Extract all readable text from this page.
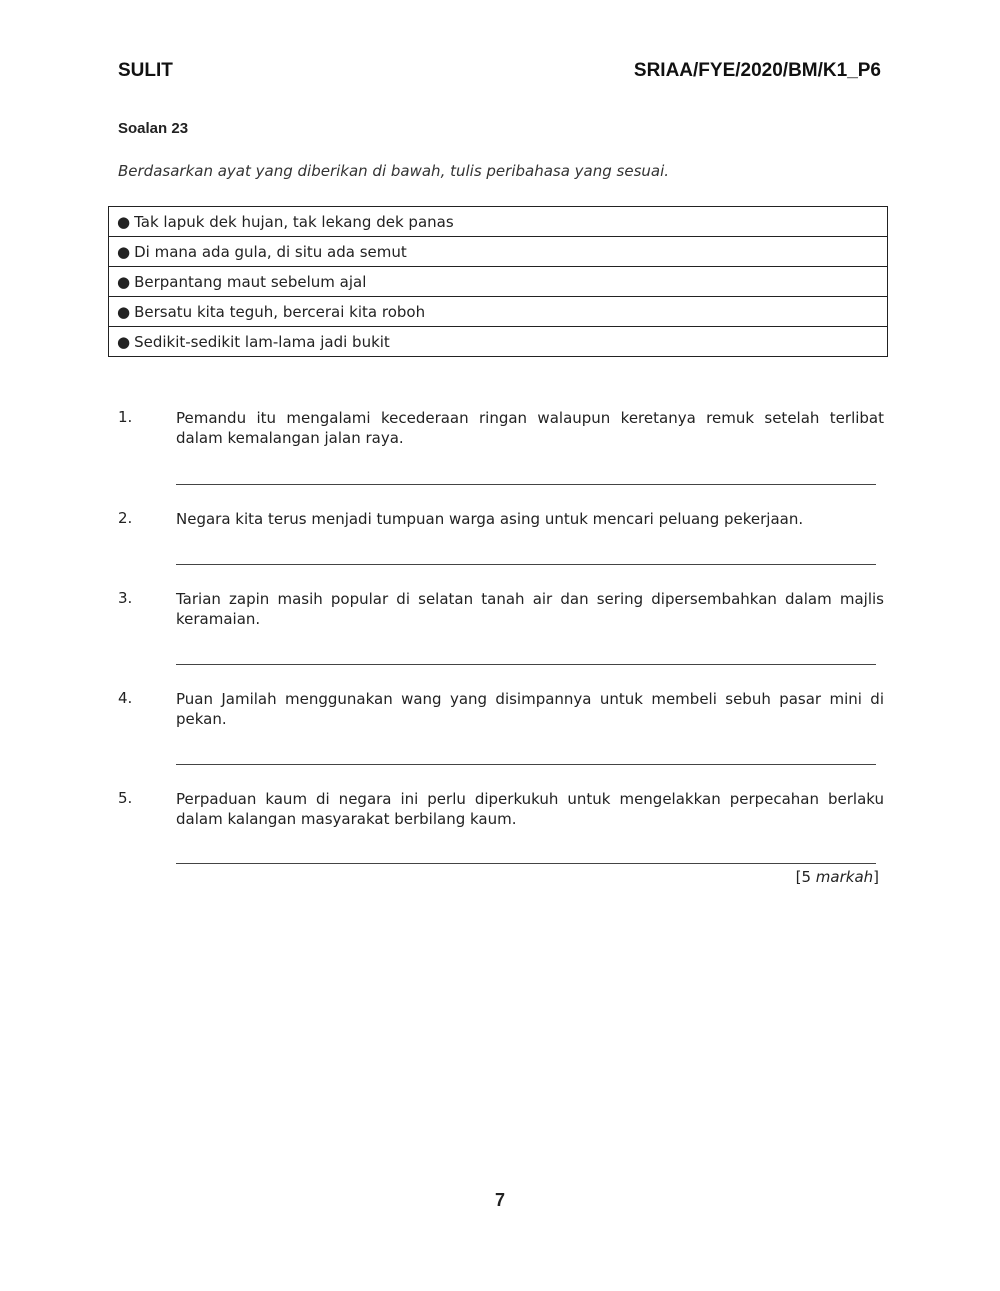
SULIT	SRIAA/FYE/2020/BM/K1_P6
Soalan 23
Berdasarkan ayat yang diberikan di bawah, tulis peribahasa yang sesuai.
● Tak lapuk dek hujan, tak lekang dek panas
● Di mana ada gula, di situ ada semut
● Berpantang maut sebelum ajal
● Bersatu kita teguh, bercerai kita roboh
● Sedikit-sedikit lam-lama jadi bukit
1.	Pemandu itu mengalami kecederaan ringan walaupun keretanya remuk setelah terlibat dalam kemalangan jalan raya.
2.	Negara kita terus menjadi tumpuan warga asing untuk mencari peluang pekerjaan.
3.	Tarian zapin masih popular di selatan tanah air dan sering dipersembahkan dalam majlis keramaian.
4.	Puan Jamilah menggunakan wang yang disimpannya untuk membeli sebuh pasar mini di pekan.
5.	Perpaduan kaum di negara ini perlu diperkukuh untuk mengelakkan perpecahan berlaku dalam kalangan masyarakat berbilang kaum.
[5 markah]
7
